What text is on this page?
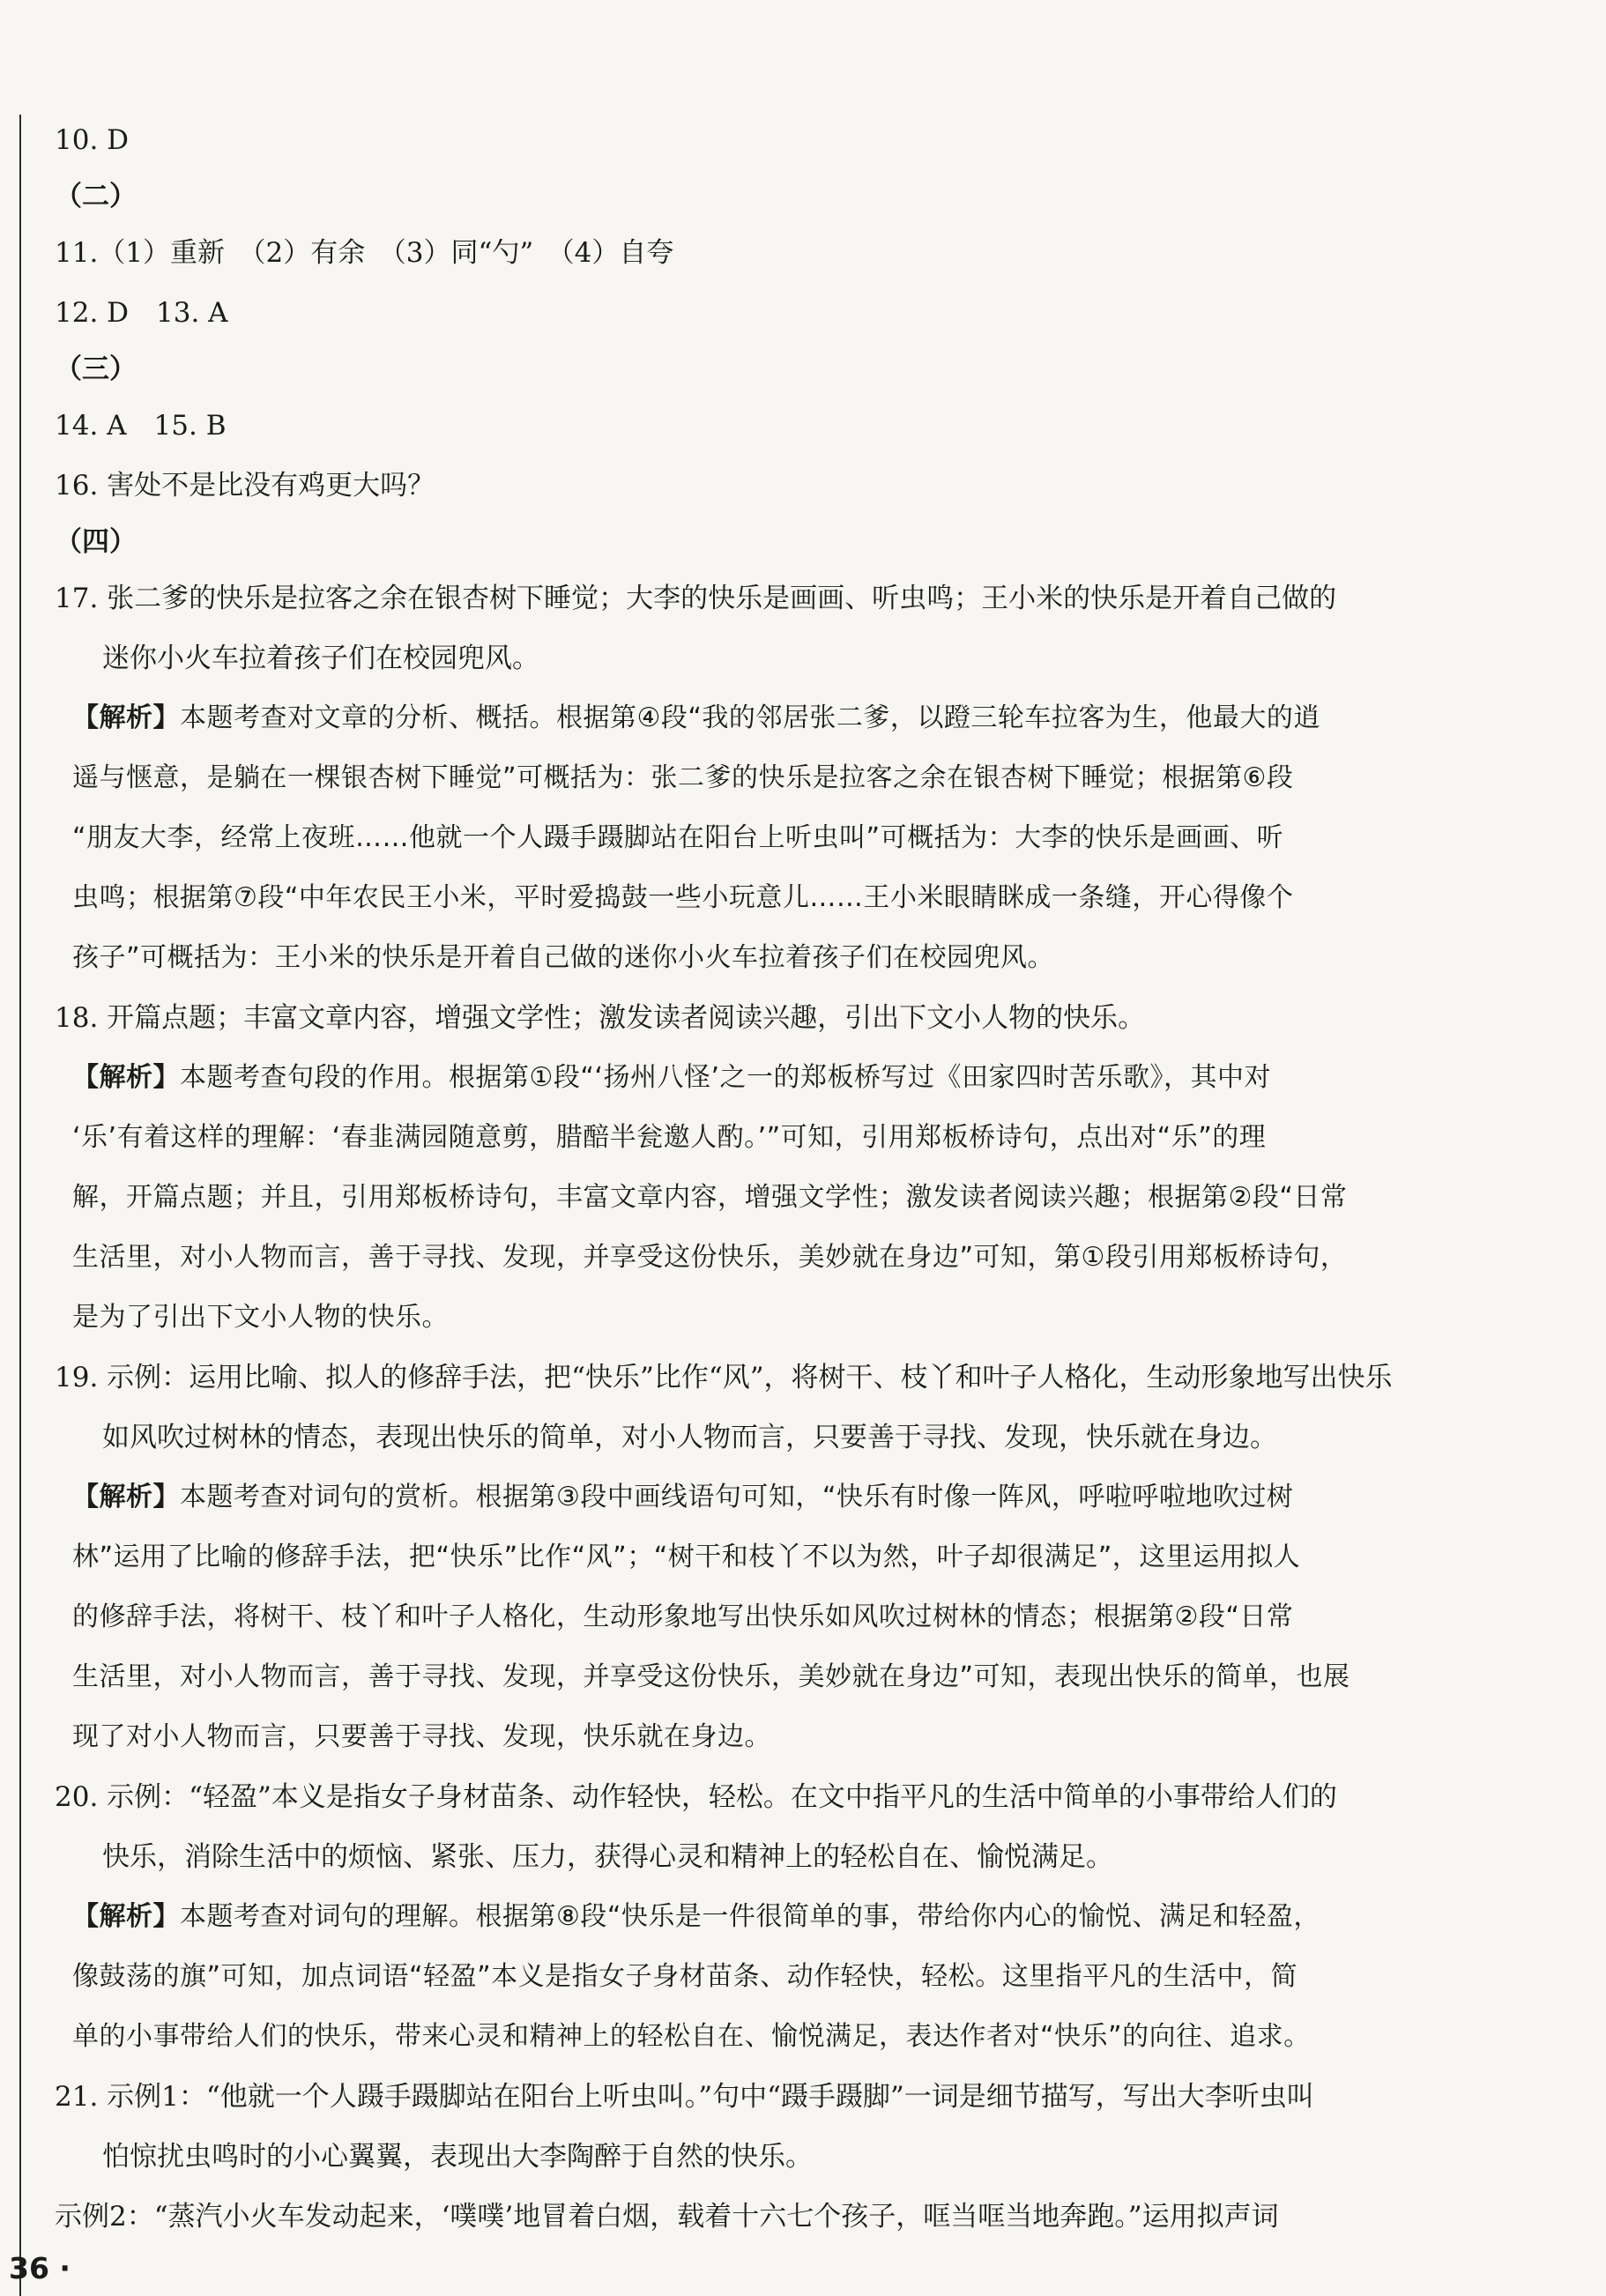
10. D
（二）
11.（1）重新　（2）有余　（3）同“勺”　（4）自夸
12. D　13. A
（三）
14. A　15. B
16. 害处不是比没有鸡更大吗？
（四）
17. 张二爹的快乐是拉客之余在银杏树下睡觉；大李的快乐是画画、听虫鸣；王小米的快乐是开着自己做的
迷你小火车拉着孩子们在校园兜风。
【解析】 本题考查对文章的分析、概括。根据第④段“我的邻居张二爹，以蹬三轮车拉客为生，他最大的逍
遥与惬意，是躺在一棵银杏树下睡觉”可概括为：张二爹的快乐是拉客之余在银杏树下睡觉；根据第⑥段
“朋友大李，经常上夜班……他就一个人蹑手蹑脚站在阳台上听虫叫”可概括为：大李的快乐是画画、听
虫鸣；根据第⑦段“中年农民王小米，平时爱捣鼓一些小玩意儿……王小米眼睛眯成一条缝，开心得像个
孩子”可概括为：王小米的快乐是开着自己做的迷你小火车拉着孩子们在校园兜风。
18. 开篇点题；丰富文章内容，增强文学性；激发读者阅读兴趣，引出下文小人物的快乐。
【解析】 本题考查句段的作用。根据第①段“‘扬州八怪’之一的郑板桥写过《田家四时苦乐歌》，其中对
‘乐’有着这样的理解：‘春韭满园随意剪，腊醅半瓮邀人酌。’”可知，引用郑板桥诗句，点出对“乐”的理
解，开篇点题；并且，引用郑板桥诗句，丰富文章内容，增强文学性；激发读者阅读兴趣；根据第②段“日常
生活里，对小人物而言，善于寻找、发现，并享受这份快乐，美妙就在身边”可知，第①段引用郑板桥诗句，
是为了引出下文小人物的快乐。
19. 示例：运用比喻、拟人的修辞手法，把“快乐”比作“风”，将树干、枝丫和叶子人格化，生动形象地写出快乐
如风吹过树林的情态，表现出快乐的简单，对小人物而言，只要善于寻找、发现，快乐就在身边。
【解析】 本题考查对词句的赏析。根据第③段中画线语句可知，“快乐有时像一阵风，呼啦呼啦地吹过树
林”运用了比喻的修辞手法，把“快乐”比作“风”；“树干和枝丫不以为然，叶子却很满足”，这里运用拟人
的修辞手法，将树干、枝丫和叶子人格化，生动形象地写出快乐如风吹过树林的情态；根据第②段“日常
生活里，对小人物而言，善于寻找、发现，并享受这份快乐，美妙就在身边”可知，表现出快乐的简单，也展
现了对小人物而言，只要善于寻找、发现，快乐就在身边。
20. 示例：“轻盈”本义是指女子身材苗条、动作轻快，轻松。在文中指平凡的生活中简单的小事带给人们的
快乐，消除生活中的烦恼、紧张、压力，获得心灵和精神上的轻松自在、愉悦满足。
【解析】 本题考查对词句的理解。根据第⑧段“快乐是一件很简单的事，带给你内心的愉悦、满足和轻盈，
像鼓荡的旗”可知，加点词语“轻盈”本义是指女子身材苗条、动作轻快，轻松。这里指平凡的生活中，简
单的小事带给人们的快乐，带来心灵和精神上的轻松自在、愉悦满足，表达作者对“快乐”的向往、追求。
21. 示例1：“他就一个人蹑手蹑脚站在阳台上听虫叫。”句中“蹑手蹑脚”一词是细节描写，写出大李听虫叫
怕惊扰虫鸣时的小心翼翼，表现出大李陶醉于自然的快乐。
示例2：“蒸汽小火车发动起来，‘噗噗’地冒着白烟，载着十六七个孩子，哐当哐当地奔跑。”运用拟声词
36 ·
